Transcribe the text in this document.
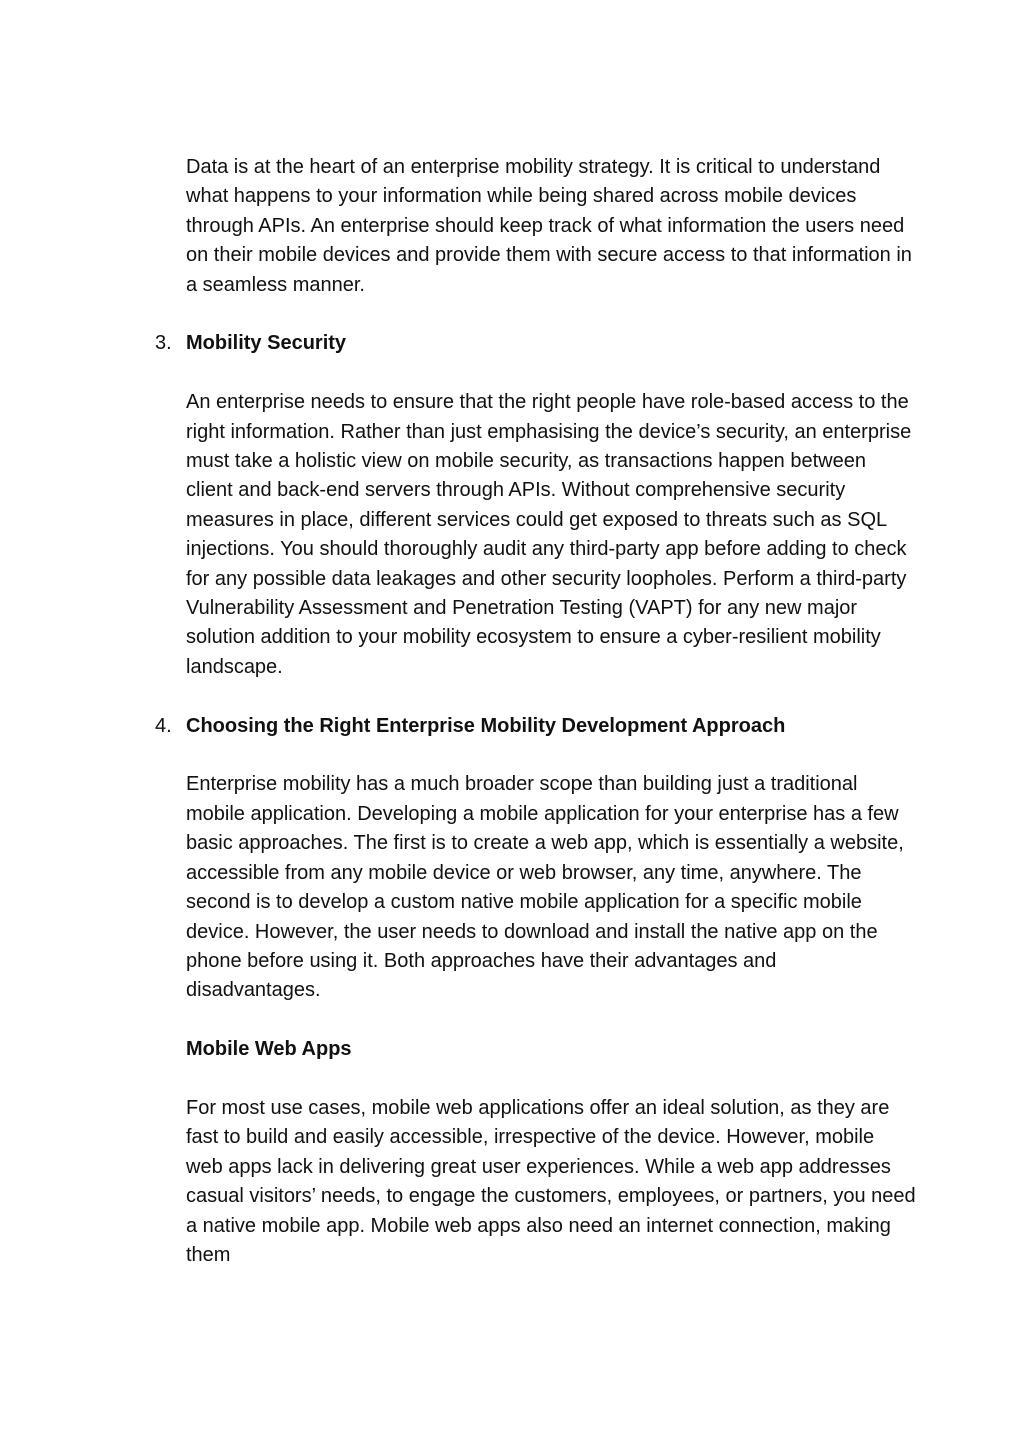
Data is at the heart of an enterprise mobility strategy. It is critical to understand what happens to your information while being shared across mobile devices through APIs. An enterprise should keep track of what information the users need on their mobile devices and provide them with secure access to that information in a seamless manner.

3. Mobility Security

An enterprise needs to ensure that the right people have role-based access to the right information. Rather than just emphasising the device’s security, an enterprise must take a holistic view on mobile security, as transactions happen between client and back-end servers through APIs. Without comprehensive security measures in place, different services could get exposed to threats such as SQL injections. You should thoroughly audit any third-party app before adding to check for any possible data leakages and other security loopholes. Perform a third-party Vulnerability Assessment and Penetration Testing (VAPT) for any new major solution addition to your mobility ecosystem to ensure a cyber-resilient mobility landscape.

4. Choosing the Right Enterprise Mobility Development Approach

Enterprise mobility has a much broader scope than building just a traditional mobile application. Developing a mobile application for your enterprise has a few basic approaches. The first is to create a web app, which is essentially a website, accessible from any mobile device or web browser, any time, anywhere. The second is to develop a custom native mobile application for a specific mobile device. However, the user needs to download and install the native app on the phone before using it. Both approaches have their advantages and disadvantages.

Mobile Web Apps

For most use cases, mobile web applications offer an ideal solution, as they are fast to build and easily accessible, irrespective of the device. However, mobile web apps lack in delivering great user experiences. While a web app addresses casual visitors’ needs, to engage the customers, employees, or partners, you need a native mobile app. Mobile web apps also need an internet connection, making them
